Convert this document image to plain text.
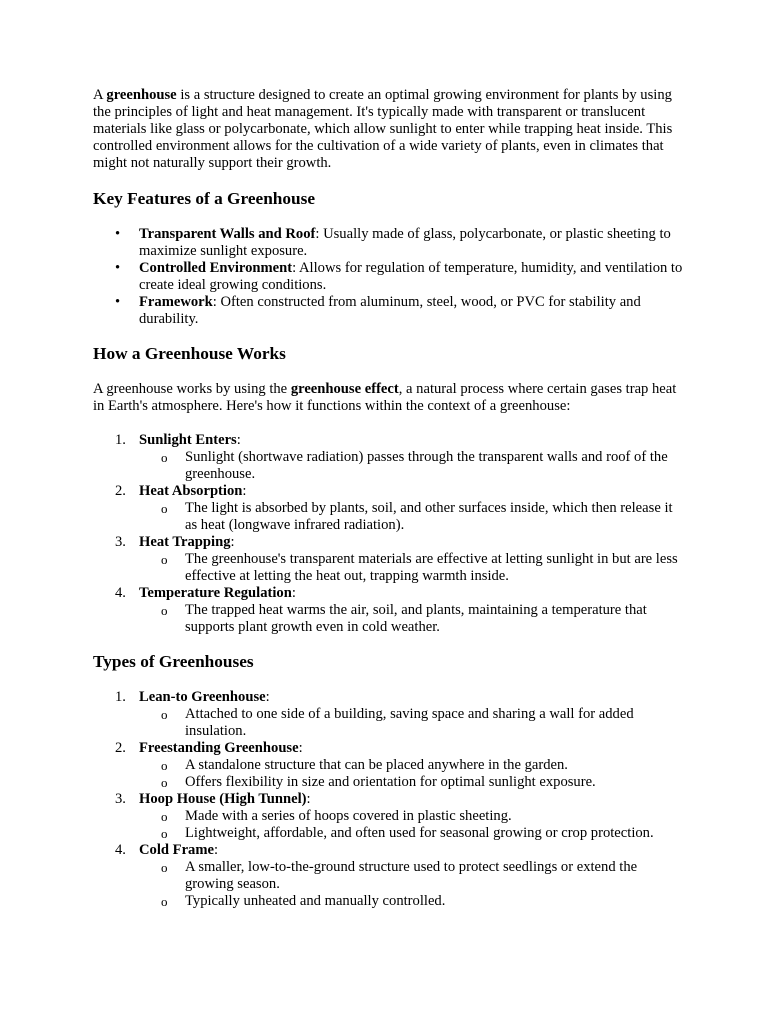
A greenhouse is a structure designed to create an optimal growing environment for plants by using the principles of light and heat management. It's typically made with transparent or translucent materials like glass or polycarbonate, which allow sunlight to enter while trapping heat inside. This controlled environment allows for the cultivation of a wide variety of plants, even in climates that might not naturally support their growth.

Key Features of a Greenhouse
• Transparent Walls and Roof: Usually made of glass, polycarbonate, or plastic sheeting to maximize sunlight exposure.
• Controlled Environment: Allows for regulation of temperature, humidity, and ventilation to create ideal growing conditions.
• Framework: Often constructed from aluminum, steel, wood, or PVC for stability and durability.
How a Greenhouse Works

A greenhouse works by using the greenhouse effect, a natural process where certain gases trap heat in Earth's atmosphere. Here's how it functions within the context of a greenhouse:

1. Sunlight Enters:
o Sunlight (shortwave radiation) passes through the transparent walls and roof of the greenhouse.
2. Heat Absorption:
o The light is absorbed by plants, soil, and other surfaces inside, which then release it as heat (longwave infrared radiation).
3. Heat Trapping:
o The greenhouse's transparent materials are effective at letting sunlight in but are less effective at letting the heat out, trapping warmth inside.
4. Temperature Regulation:
o The trapped heat warms the air, soil, and plants, maintaining a temperature that supports plant growth even in cold weather.
Types of Greenhouses
1. Lean-to Greenhouse:
o Attached to one side of a building, saving space and sharing a wall for added insulation.
2. Freestanding Greenhouse:
o A standalone structure that can be placed anywhere in the garden.
o Offers flexibility in size and orientation for optimal sunlight exposure.
3. Hoop House (High Tunnel):
o Made with a series of hoops covered in plastic sheeting.
o Lightweight, affordable, and often used for seasonal growing or crop protection.
4. Cold Frame:
o A smaller, low-to-the-ground structure used to protect seedlings or extend the growing season.
o Typically unheated and manually controlled.
